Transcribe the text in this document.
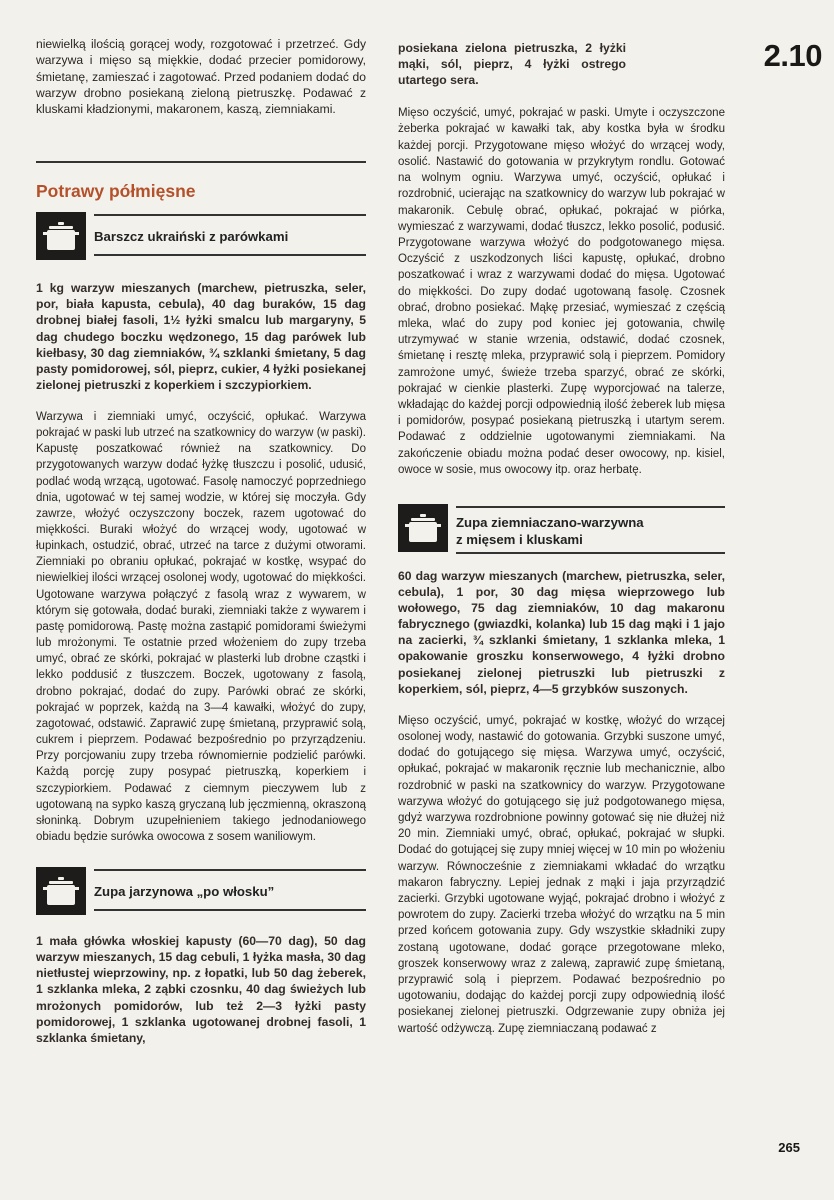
2.10

niewielką ilością gorącej wody, rozgotować i przetrzeć. Gdy warzywa i mięso są miękkie, dodać przecier pomidorowy, śmietanę, zamieszać i zagotować. Przed podaniem dodać do warzyw drobno posiekaną zieloną pietruszkę. Podawać z kluskami kładzionymi, makaronem, kaszą, ziemniakami.

Potrawy półmięsne
Barszcz ukraiński z parówkami

1 kg warzyw mieszanych (marchew, pietruszka, seler, por, biała kapusta, cebula), 40 dag buraków, 15 dag drobnej białej fasoli, 1½ łyżki smalcu lub margaryny, 5 dag chudego boczku wędzonego, 15 dag parówek lub kiełbasy, 30 dag ziemniaków, ¾ szklanki śmietany, 5 dag pasty pomidorowej, sól, pieprz, cukier, 4 łyżki posiekanej zielonej pietruszki z koperkiem i szczypiorkiem.

Warzywa i ziemniaki umyć, oczyścić, opłukać. Warzywa pokrajać w paski lub utrzeć na szatkownicy do warzyw (w paski). Kapustę poszatkować również na szatkownicy. Do przygotowanych warzyw dodać łyżkę tłuszczu i posolić, udusić, podlać wodą wrzącą, ugotować. Fasolę namoczyć poprzedniego dnia, ugotować w tej samej wodzie, w której się moczyła. Gdy zawrze, włożyć oczyszczony boczek, razem ugotować do miękkości. Buraki włożyć do wrzącej wody, ugotować w łupinkach, ostudzić, obrać, utrzeć na tarce z dużymi otworami. Ziemniaki po obraniu opłukać, pokrajać w kostkę, wsypać do niewielkiej ilości wrzącej osolonej wody, ugotować do miękkości. Ugotowane warzywa połączyć z fasolą wraz z wywarem, w którym się gotowała, dodać buraki, ziemniaki także z wywarem i pastę pomidorową. Pastę można zastąpić pomidorami świeżymi lub mrożonymi. Te ostatnie przed włożeniem do zupy trzeba umyć, obrać ze skórki, pokrajać w plasterki lub drobne cząstki i lekko poddusić z tłuszczem. Boczek, ugotowany z fasolą, drobno pokrajać, dodać do zupy. Parówki obrać ze skórki, pokrajać w poprzek, każdą na 3—4 kawałki, włożyć do zupy, zagotować, odstawić. Zaprawić zupę śmietaną, przyprawić solą, cukrem i pieprzem. Podawać bezpośrednio po przyrządzeniu. Przy porcjowaniu zupy trzeba równomiernie podzielić parówki. Każdą porcję zupy posypać pietruszką, koperkiem i szczypiorkiem. Podawać z ciemnym pieczywem lub z ugotowaną na sypko kaszą gryczaną lub jęczmienną, okraszoną słoninką. Dobrym uzupełnieniem takiego jednodaniowego obiadu będzie surówka owocowa z sosem waniliowym.

Zupa jarzynowa „po włosku”

1 mała główka włoskiej kapusty (60—70 dag), 50 dag warzyw mieszanych, 15 dag cebuli, 1 łyżka masła, 30 dag nietłustej wieprzowiny, np. z łopatki, lub 50 dag żeberek, 1 szklanka mleka, 2 ząbki czosnku, 40 dag świeżych lub mrożonych pomidorów, lub też 2—3 łyżki pasty pomidorowej, 1 szklanka ugotowanej drobnej fasoli, 1 szklanka śmietany,

posiekana zielona pietruszka, 2 łyżki mąki, sól, pieprz, 4 łyżki ostrego utartego sera.

Mięso oczyścić, umyć, pokrajać w paski. Umyte i oczyszczone żeberka pokrajać w kawałki tak, aby kostka była w środku każdej porcji. Przygotowane mięso włożyć do wrzącej wody, osolić. Nastawić do gotowania w przykrytym rondlu. Gotować na wolnym ogniu. Warzywa umyć, oczyścić, opłukać i rozdrobnić, ucierając na szatkownicy do warzyw lub pokrajać w makaronik. Cebulę obrać, opłukać, pokrajać w piórka, wymieszać z warzywami, dodać tłuszcz, lekko posolić, podusić. Przygotowane warzywa włożyć do podgotowanego mięsa. Oczyścić z uszkodzonych liści kapustę, opłukać, drobno poszatkować i wraz z warzywami dodać do mięsa. Ugotować do miękkości. Do zupy dodać ugotowaną fasolę. Czosnek obrać, drobno posiekać. Mąkę przesiać, wymieszać z częścią mleka, wlać do zupy pod koniec jej gotowania, chwilę utrzymywać w stanie wrzenia, odstawić, dodać czosnek, śmietanę i resztę mleka, przyprawić solą i pieprzem. Pomidory zamrożone umyć, świeże trzeba sparzyć, obrać ze skórki, pokrajać w cienkie plasterki. Zupę wyporcjować na talerze, wkładając do każdej porcji odpowiednią ilość żeberek lub mięsa i pomidorów, posypać posiekaną pietruszką i utartym serem. Podawać z oddzielnie ugotowanymi ziemniakami. Na zakończenie obiadu można podać deser owocowy, np. kisiel, owoce w sosie, mus owocowy itp. oraz herbatę.

Zupa ziemniaczano-warzywna
z mięsem i kluskami

60 dag warzyw mieszanych (marchew, pietruszka, seler, cebula), 1 por, 30 dag mięsa wieprzowego lub wołowego, 75 dag ziemniaków, 10 dag makaronu fabrycznego (gwiazdki, kolanka) lub 15 dag mąki i 1 jajo na zacierki, ¾ szklanki śmietany, 1 szklanka mleka, 1 opakowanie groszku konserwowego, 4 łyżki drobno posiekanej zielonej pietruszki lub pietruszki z koperkiem, sól, pieprz, 4—5 grzybków suszonych.

Mięso oczyścić, umyć, pokrajać w kostkę, włożyć do wrzącej osolonej wody, nastawić do gotowania. Grzybki suszone umyć, dodać do gotującego się mięsa. Warzywa umyć, oczyścić, opłukać, pokrajać w makaronik ręcznie lub mechanicznie, albo rozdrobnić w paski na szatkownicy do warzyw. Przygotowane warzywa włożyć do gotującego się już podgotowanego mięsa, gdyż warzywa rozdrobnione powinny gotować się nie dłużej niż 20 min. Ziemniaki umyć, obrać, opłukać, pokrajać w słupki. Dodać do gotującej się zupy mniej więcej w 10 min po włożeniu warzyw. Równocześnie z ziemniakami wkładać do wrzątku makaron fabryczny. Lepiej jednak z mąki i jaja przyrządzić zacierki. Grzybki ugotowane wyjąć, pokrajać drobno i włożyć z powrotem do zupy. Zacierki trzeba włożyć do wrzątku na 5 min przed końcem gotowania zupy. Gdy wszystkie składniki zupy zostaną ugotowane, dodać gorące przegotowane mleko, groszek konserwowy wraz z zalewą, zaprawić zupę śmietaną, przyprawić solą i pieprzem. Podawać bezpośrednio po ugotowaniu, dodając do każdej porcji zupy odpowiednią ilość posiekanej zielonej pietruszki. Odgrzewanie zupy obniża jej wartość odżywczą. Zupę ziemniaczaną podawać z

265
